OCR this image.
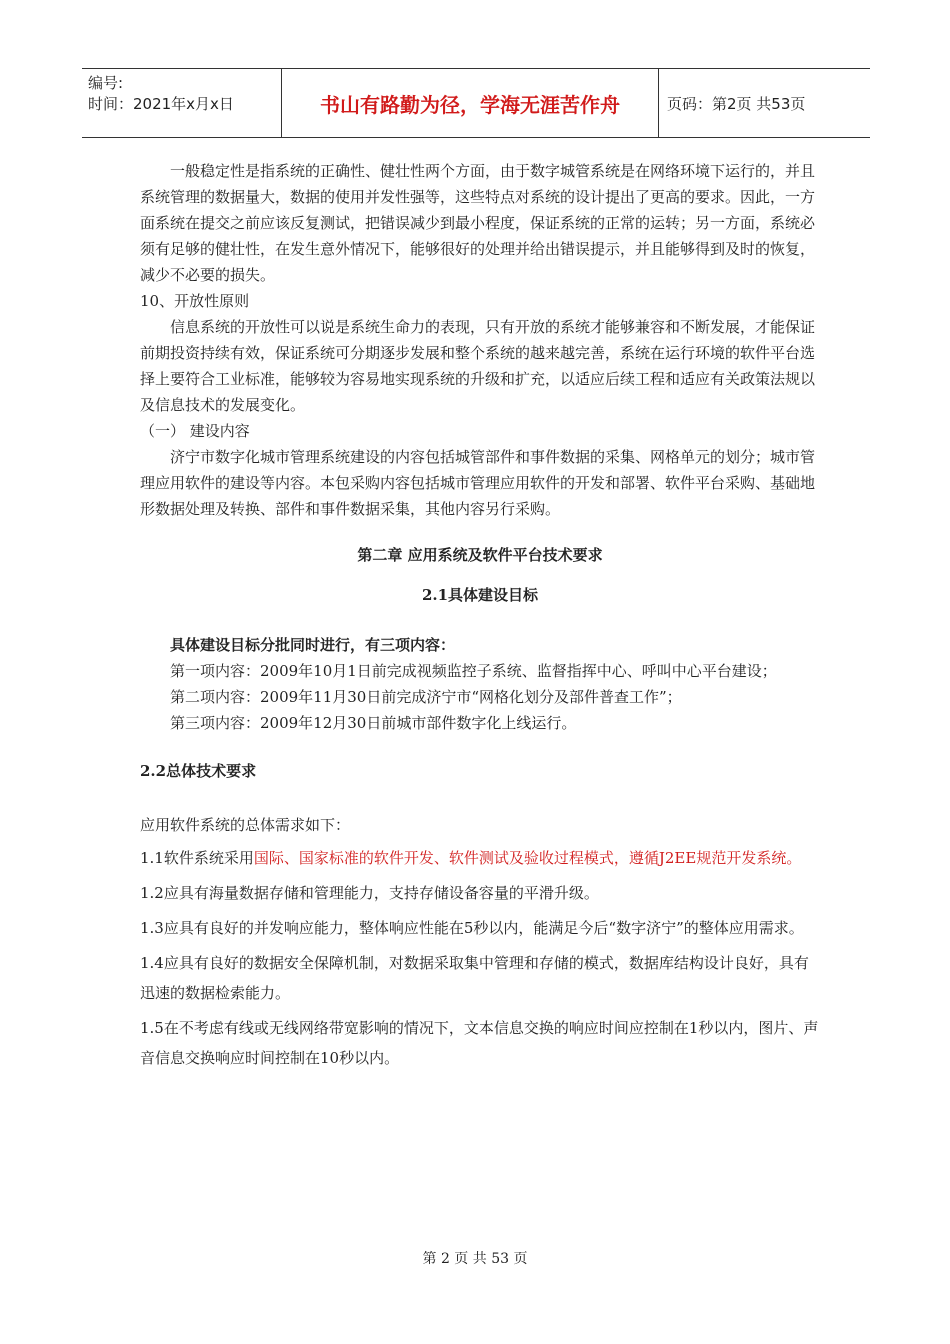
编号:
时间：2021年x月x日	书山有路勤为径，学海无涯苦作舟	页码：第2页 共53页

一般稳定性是指系统的正确性、健壮性两个方面，由于数字城管系统是在网络环境下运行的，并且系统管理的数据量大，数据的使用并发性强等，这些特点对系统的设计提出了更高的要求。因此，一方面系统在提交之前应该反复测试，把错误减少到最小程度，保证系统的正常的运转；另一方面，系统必须有足够的健壮性，在发生意外情况下，能够很好的处理并给出错误提示，并且能够得到及时的恢复，减少不必要的损失。

10、开放性原则

信息系统的开放性可以说是系统生命力的表现，只有开放的系统才能够兼容和不断发展，才能保证前期投资持续有效，保证系统可分期逐步发展和整个系统的越来越完善，系统在运行环境的软件平台选择上要符合工业标准，能够较为容易地实现系统的升级和扩充，以适应后续工程和适应有关政策法规以及信息技术的发展变化。

（一） 建设内容

济宁市数字化城市管理系统建设的内容包括城管部件和事件数据的采集、网格单元的划分；城市管理应用软件的建设等内容。本包采购内容包括城市管理应用软件的开发和部署、软件平台采购、基础地形数据处理及转换、部件和事件数据采集，其他内容另行采购。

第二章 应用系统及软件平台技术要求

2.1具体建设目标

具体建设目标分批同时进行，有三项内容：

第一项内容：2009年10月1日前完成视频监控子系统、监督指挥中心、呼叫中心平台建设；

第二项内容：2009年11月30日前完成济宁市“网格化划分及部件普查工作”；

第三项内容：2009年12月30日前城市部件数字化上线运行。

2.2总体技术要求

应用软件系统的总体需求如下：

1.1软件系统采用国际、国家标准的软件开发、软件测试及验收过程模式，遵循J2EE规范开发系统。

1.2应具有海量数据存储和管理能力，支持存储设备容量的平滑升级。

1.3应具有良好的并发响应能力，整体响应性能在5秒以内，能满足今后“数字济宁”的整体应用需求。

1.4应具有良好的数据安全保障机制，对数据采取集中管理和存储的模式，数据库结构设计良好，具有迅速的数据检索能力。

1.5在不考虑有线或无线网络带宽影响的情况下，文本信息交换的响应时间应控制在1秒以内，图片、声音信息交换响应时间控制在10秒以内。

第 2 页 共 53 页
